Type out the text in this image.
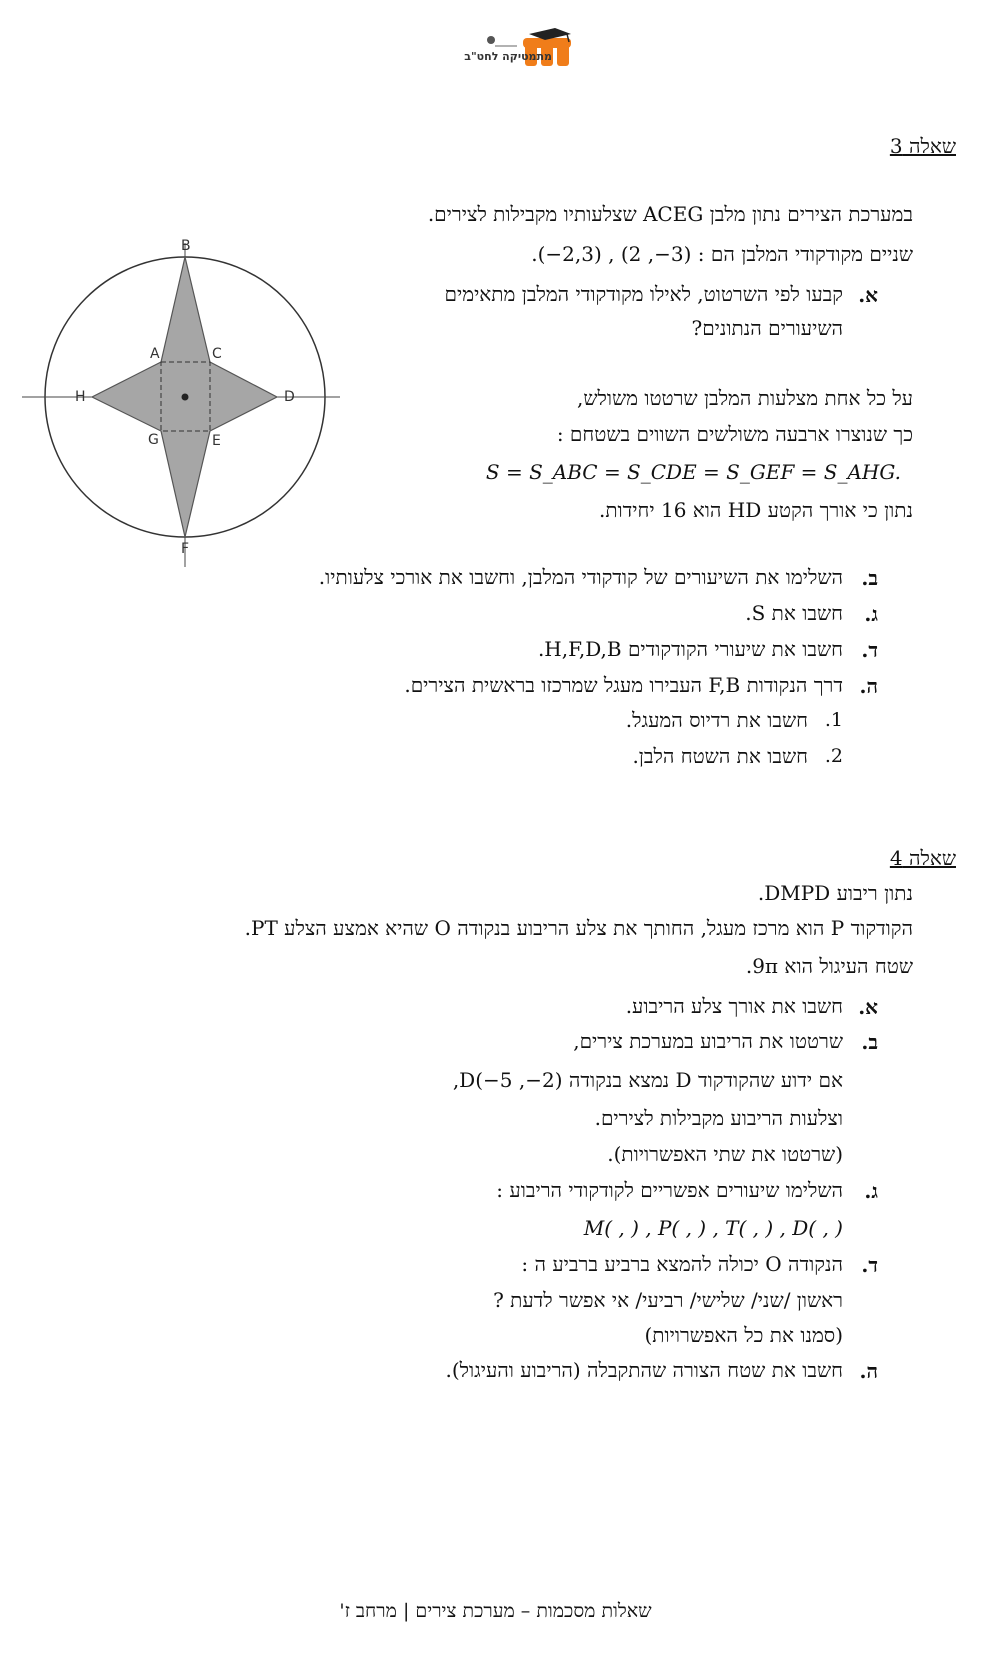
מתמטיקה לחט"ב
שאלה 3
במערכת הצירים נתון מלבן ACEG שצלעותיו מקבילות לצירים.
שניים מקודקודי המלבן הם : (3−, 2) , (2,3−).
א.
קבעו לפי השרטוט, לאילו מקודקודי המלבן מתאימים
השיעורים הנתונים?
על כל אחת מצלעות המלבן שרטטו משולש,
כך שנוצרו ארבעה משולשים השווים בשטחם :
S = S_ABC = S_CDE = S_GEF = S_AHG.
נתון כי אורך הקטע HD הוא 16 יחידות.
ב.
השלימו את השיעורים של קודקודי המלבן, וחשבו את אורכי צלעותיו.
ג.
חשבו את S.
ד.
חשבו את שיעורי הקודקודים H,F,D,B.
ה.
דרך הנקודות F,B העבירו מעגל שמרכזו בראשית הצירים.
1.
חשבו את רדיוס המעגל.
2.
חשבו את השטח הלבן.
B
A	C
D
E
F
G
H
שאלה 4
נתון ריבוע DMPD.
הקודקוד P הוא מרכז מעגל, החותך את צלע הריבוע בנקודה O שהיא אמצע הצלע PT.
שטח העיגול הוא 9π.
א.
חשבו את אורך צלע הריבוע.
ב.
שרטטו את הריבוע במערכת צירים,
אם ידוע שהקודקוד D נמצא בנקודה (2−, 5−)D,
וצלעות הריבוע מקבילות לצירים.
(שרטטו את שתי האפשרויות).
ג.
השלימו שיעורים אפשריים לקודקודי הריבוע :
M( , ) , P( , ) , T( , ) , D( , )
ד.
הנקודה O יכולה להמצא ברביע ברביע ה :
ראשון /שני/ שלישי/ רביעי/ אי אפשר לדעת ?
(סמנו את כל האפשרויות)
ה.
חשבו את שטח הצורה שהתקבלה (הריבוע והעיגול).
שאלות מסכמות – מערכת צירים | מרחב ז'
